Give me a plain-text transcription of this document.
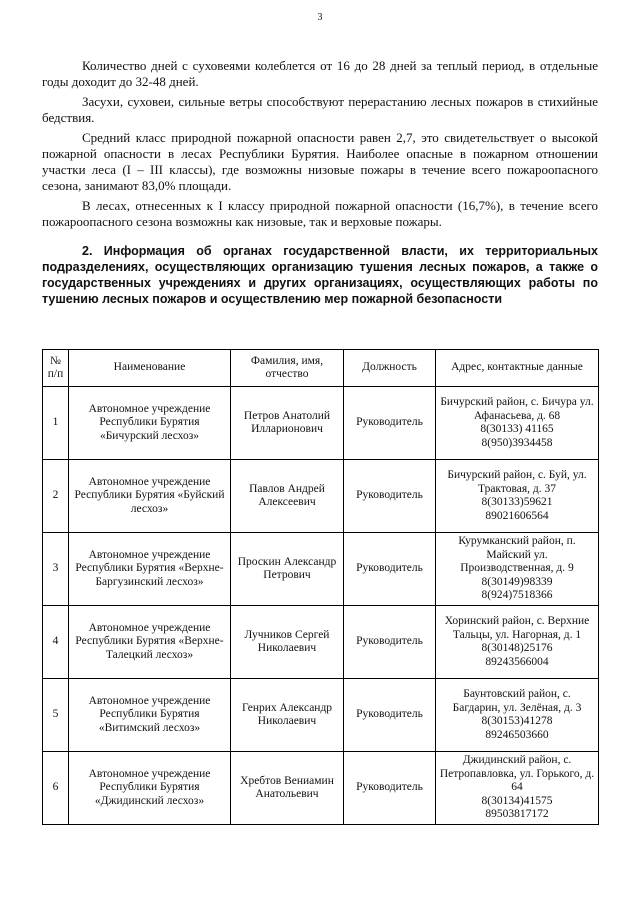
3

Количество дней с суховеями колеблется от 16 до 28 дней за теплый период, в отдельные годы доходит до 32-48 дней.

Засухи, суховеи, сильные ветры способствуют перерастанию лесных пожаров в стихийные бедствия.

Средний класс природной пожарной опасности равен 2,7, это свидетельствует о высокой пожарной опасности в лесах Республики Бурятия. Наиболее опасные в пожарном отношении участки леса (I – III классы), где возможны низовые пожары в течение всего пожароопасного сезона, занимают 83,0% площади.

В лесах, отнесенных к I классу природной пожарной опасности (16,7%), в течение всего пожароопасного сезона возможны как низовые, так и верховые пожары.

2. Информация об органах государственной власти, их территориальных подразделениях, осуществляющих организацию тушения лесных пожаров, а также о государственных учреждениях и других организациях, осуществляющих работы по тушению лесных пожаров и осуществлению мер пожарной безопасности
№ п/п	Наименование	Фамилия, имя, отчество	Должность	Адрес, контактные данные
1	Автономное учреждение Республики Бурятия «Бичурский лесхоз»	Петров Анатолий Илларионович	Руководитель	Бичурский район, с. Бичура ул. Афанасьева, д. 68
8(30133) 41165
8(950)3934458

2	Автономное учреждение Республики Бурятия «Буйский лесхоз»	Павлов Андрей Алексеевич	Руководитель	Бичурский район, с. Буй, ул. Трактовая, д. 37
8(30133)59621
89021606564

3	Автономное учреждение Республики Бурятия «Верхне-Баргузинский лесхоз»	Проскин Александр Петрович	Руководитель	Курумканский район, п. Майский ул. Производственная, д. 9
8(30149)98339
8(924)7518366

4	Автономное учреждение Республики Бурятия «Верхне-Талецкий лесхоз»	Лучников Сергей Николаевич	Руководитель	Хоринский район, с. Верхние Тальцы, ул. Нагорная, д. 1
8(30148)25176
89243566004

5	Автономное учреждение Республики Бурятия «Витимский лесхоз»	Генрих Александр Николаевич	Руководитель	Баунтовский район, с. Багдарин, ул. Зелёная, д. 3
8(30153)41278
89246503660

6	Автономное учреждение Республики Бурятия «Джидинский лесхоз»	Хребтов Вениамин Анатольевич	Руководитель	Джидинский район, с. Петропавловка, ул. Горького, д. 64
8(30134)41575
89503817172
